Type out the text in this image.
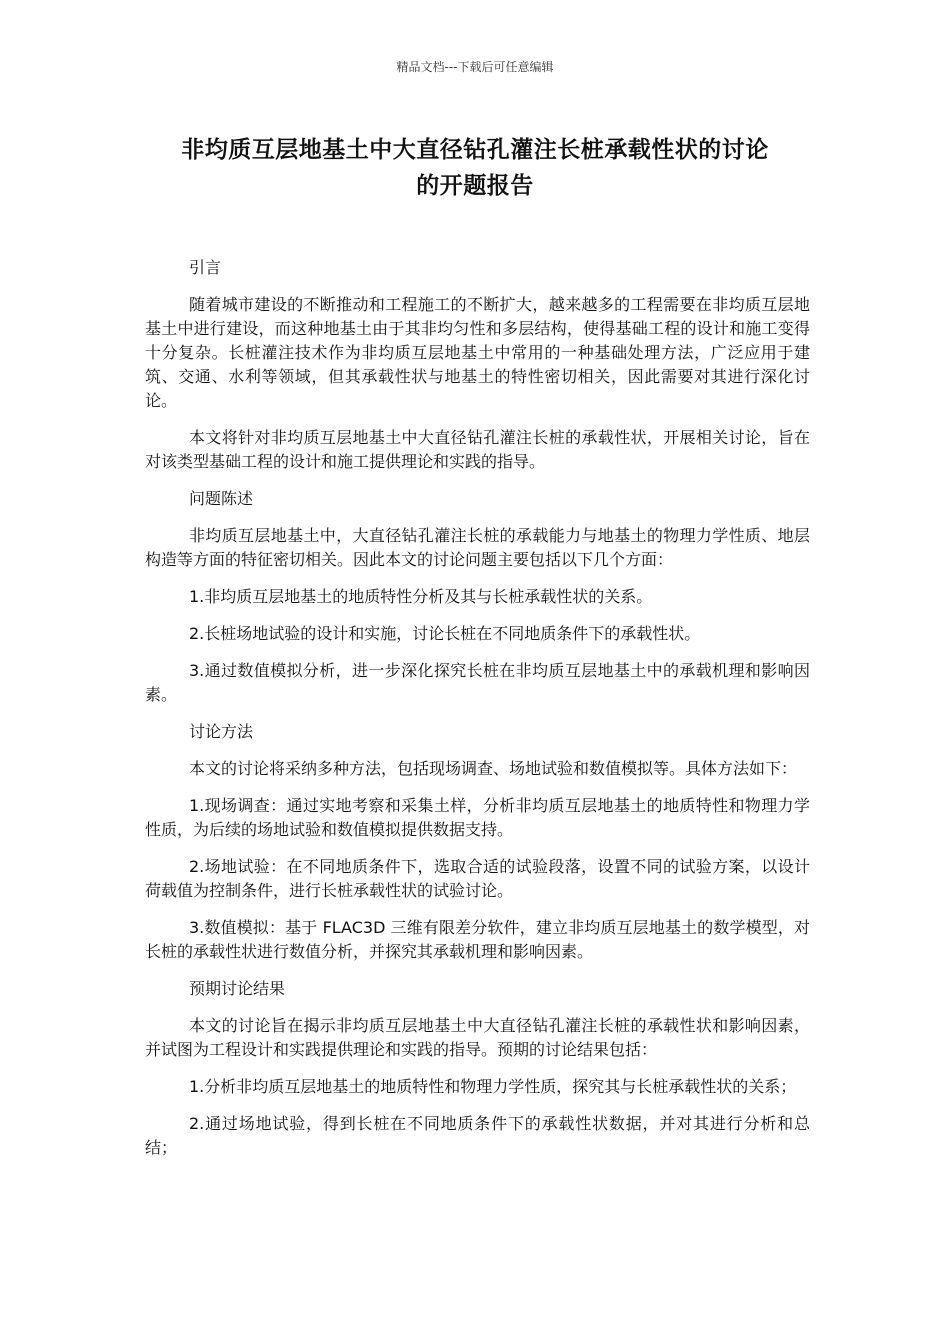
精品文档---下载后可任意编辑
非均质互层地基土中大直径钻孔灌注长桩承载性状的讨论
的开题报告

引言

随着城市建设的不断推动和工程施工的不断扩大，越来越多的工程需要在非均质互层地基土中进行建设，而这种地基土由于其非均匀性和多层结构，使得基础工程的设计和施工变得十分复杂。长桩灌注技术作为非均质互层地基土中常用的一种基础处理方法，广泛应用于建筑、交通、水利等领域，但其承载性状与地基土的特性密切相关，因此需要对其进行深化讨论。

本文将针对非均质互层地基土中大直径钻孔灌注长桩的承载性状，开展相关讨论，旨在对该类型基础工程的设计和施工提供理论和实践的指导。

问题陈述

非均质互层地基土中，大直径钻孔灌注长桩的承载能力与地基土的物理力学性质、地层构造等方面的特征密切相关。因此本文的讨论问题主要包括以下几个方面：

1.非均质互层地基土的地质特性分析及其与长桩承载性状的关系。

2.长桩场地试验的设计和实施，讨论长桩在不同地质条件下的承载性状。

3.通过数值模拟分析，进一步深化探究长桩在非均质互层地基土中的承载机理和影响因素。

讨论方法

本文的讨论将采纳多种方法，包括现场调查、场地试验和数值模拟等。具体方法如下：

1.现场调查：通过实地考察和采集土样，分析非均质互层地基土的地质特性和物理力学性质，为后续的场地试验和数值模拟提供数据支持。

2.场地试验：在不同地质条件下，选取合适的试验段落，设置不同的试验方案，以设计荷载值为控制条件，进行长桩承载性状的试验讨论。

3.数值模拟：基于 FLAC3D 三维有限差分软件，建立非均质互层地基土的数学模型，对长桩的承载性状进行数值分析，并探究其承载机理和影响因素。

预期讨论结果

本文的讨论旨在揭示非均质互层地基土中大直径钻孔灌注长桩的承载性状和影响因素，并试图为工程设计和实践提供理论和实践的指导。预期的讨论结果包括：

1.分析非均质互层地基土的地质特性和物理力学性质，探究其与长桩承载性状的关系；

2.通过场地试验，得到长桩在不同地质条件下的承载性状数据，并对其进行分析和总结；
